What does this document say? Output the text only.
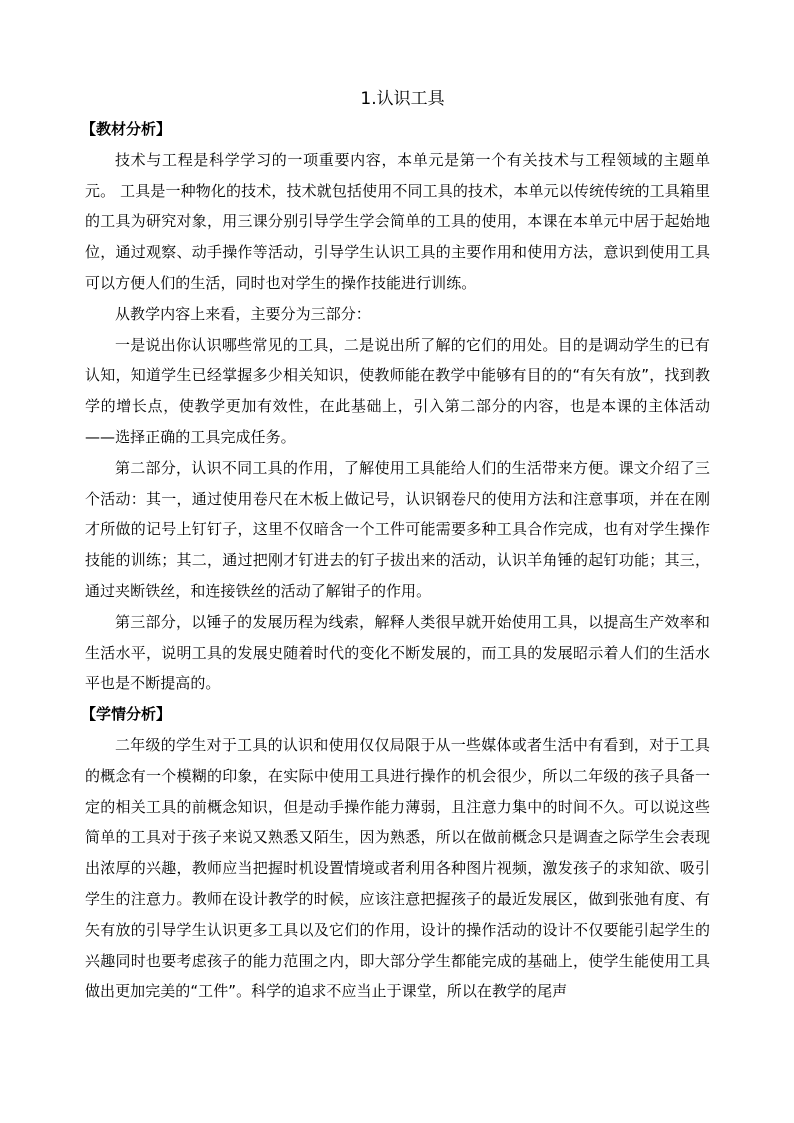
1.认识工具
【教材分析】

技术与工程是科学学习的一项重要内容，本单元是第一个有关技术与工程领域的主题单元。 工具是一种物化的技术，技术就包括使用不同工具的技术，本单元以传统传统的工具箱里的工具为研究对象，用三课分别引导学生学会简单的工具的使用，本课在本单元中居于起始地位，通过观察、动手操作等活动，引导学生认识工具的主要作用和使用方法，意识到使用工具可以方便人们的生活，同时也对学生的操作技能进行训练。

从教学内容上来看，主要分为三部分：

一是说出你认识哪些常见的工具，二是说出所了解的它们的用处。目的是调动学生的已有认知，知道学生已经掌握多少相关知识，使教师能在教学中能够有目的的“有矢有放”，找到教学的增长点，使教学更加有效性，在此基础上，引入第二部分的内容，也是本课的主体活动——选择正确的工具完成任务。

第二部分，认识不同工具的作用，了解使用工具能给人们的生活带来方便。课文介绍了三个活动：其一，通过使用卷尺在木板上做记号，认识钢卷尺的使用方法和注意事项，并在在刚才所做的记号上钉钉子，这里不仅暗含一个工件可能需要多种工具合作完成，也有对学生操作技能的训练；其二，通过把刚才钉进去的钉子拔出来的活动，认识羊角锤的起钉功能；其三，通过夹断铁丝，和连接铁丝的活动了解钳子的作用。

第三部分，以锤子的发展历程为线索，解释人类很早就开始使用工具，以提高生产效率和生活水平，说明工具的发展史随着时代的变化不断发展的，而工具的发展昭示着人们的生活水平也是不断提高的。

【学情分析】

二年级的学生对于工具的认识和使用仅仅局限于从一些媒体或者生活中有看到，对于工具的概念有一个模糊的印象，在实际中使用工具进行操作的机会很少，所以二年级的孩子具备一定的相关工具的前概念知识，但是动手操作能力薄弱，且注意力集中的时间不久。可以说这些简单的工具对于孩子来说又熟悉又陌生，因为熟悉，所以在做前概念只是调查之际学生会表现出浓厚的兴趣，教师应当把握时机设置情境或者利用各种图片视频，激发孩子的求知欲、吸引学生的注意力。教师在设计教学的时候，应该注意把握孩子的最近发展区，做到张弛有度、有矢有放的引导学生认识更多工具以及它们的作用，设计的操作活动的设计不仅要能引起学生的兴趣同时也要考虑孩子的能力范围之内，即大部分学生都能完成的基础上，使学生能使用工具做出更加完美的“工件”。科学的追求不应当止于课堂，所以在教学的尾声
